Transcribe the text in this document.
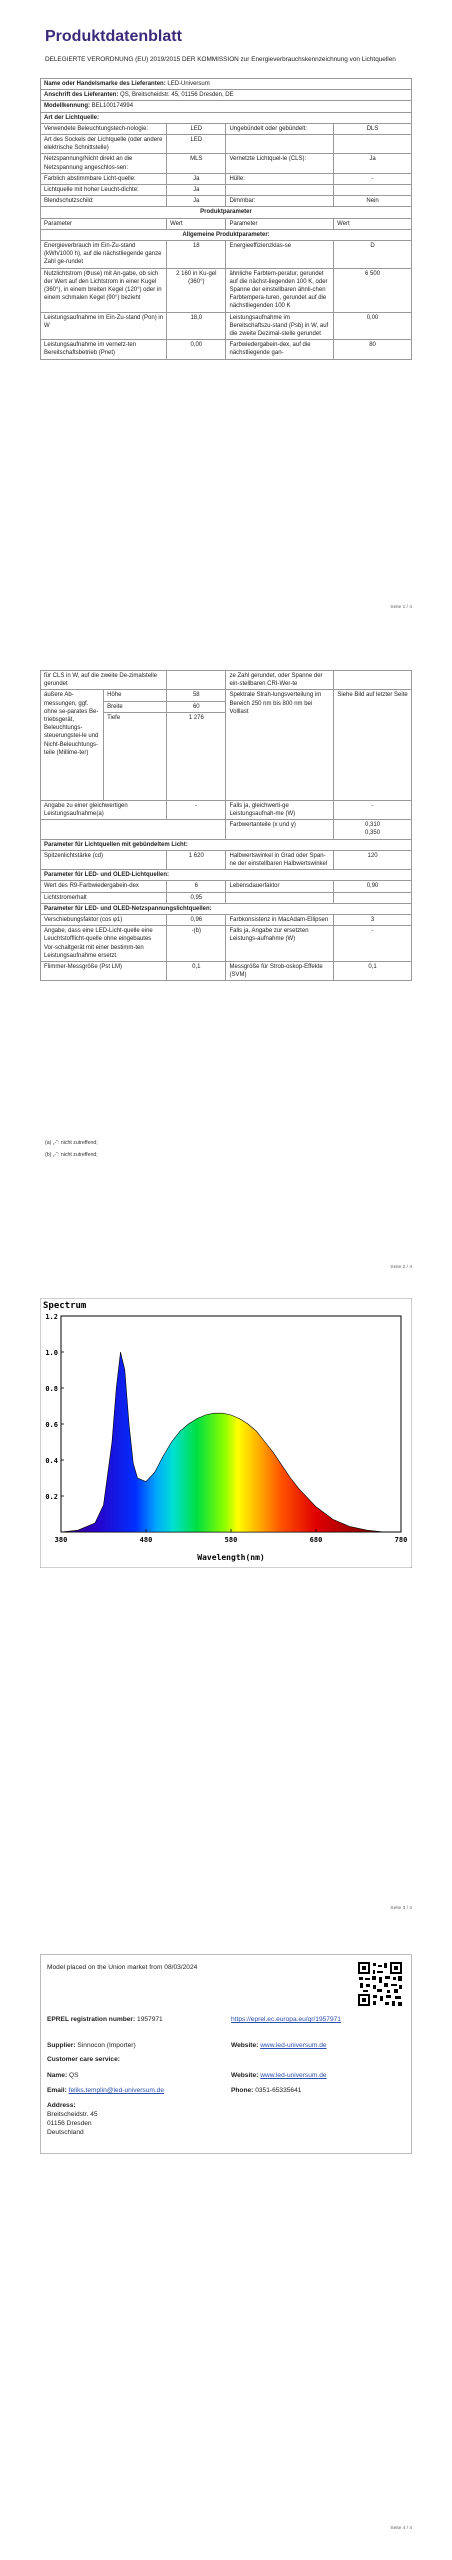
Produktdatenblatt
DELEGIERTE VERORDNUNG (EU) 2019/2015 DER KOMMISSION zur Energieverbrauchskennzeichnung von Lichtquellen
Name oder Handelsmarke des Lieferanten: LED-Universum			
Anschrift des Lieferanten: QS, Breitscheidstr. 45, 01156 Dresden, DE			
Modellkennung: BEL100174994			
Art der Lichtquelle:			
Verwendete Beleuchtungstech-nologie:	LED	Ungebündelt oder gebündelt:	DLS
Art des Sockels der Lichtquelle (oder andere elektrische Schnittstelle)	LED		
Netzspannung/Nicht direkt an die Netzspannung angeschlos-sen:	MLS	Vernetzte Lichtquel-le (CLS):	Ja
Farblich abstimmbare Licht-quelle:	Ja	Hülle:	-
Lichtquelle mit hoher Leucht-dichte:	Ja		
Blendschutzschild:	Ja	Dimmbar:	Nein
Produktparameter			
Parameter	Wert	Parameter	Wert
Allgemeine Produktparameter:			
Energieverbrauch im Ein-Zu-stand (kWh/1000 h), auf die nächstliegende ganze Zahl ge-rundet	18	Energieeffizienzklas-se	D
Nutzlichtstrom (Φuse) mit An-gabe, ob sich der Wert auf den Lichtstrom in einer Kugel (360°), in einem breiten Kegel (120°) oder in einem schmalen Kegel (90°) bezieht	2 160 in Ku-gel (360°)	ähnliche Farbtem-peratur, gerundet auf die nächst-liegenden 100 K, oder Spanne der einstellbaren ähnli-chen Farbtempera-turen, gerundet auf die nächstliegenden 100 K	6 500
Leistungsaufnahme im Ein-Zu-stand (Pon) in W	18,0	Leistungsaufnahme im Bereitschaftszu-stand (Psb) in W, auf die zweite Dezimal-stelle gerundet	0,00
Leistungsaufnahme im vernetz-ten Bereitschaftsbetrieb (Pnet)	0,00	Farbwiedergabein-dex, auf die nächstliegende gan-	80
Seite 1 / 4
für CLS in W, auf die zweite De-zimalstelle gerundet			ze Zahl gerundet, oder Spanne der ein-stellbaren CRI-Wer-te	
äußere Ab-messungen, ggf. ohne se-parates Be-triebsgerät, Beleuchtungs-steuerungstei-le und Nicht-Beleuchtungs-teile (Millime-ter)	Höhe	58	Spektrale Strah-lungsverteilung im Bereich 250 nm bis 800 nm bei Volllast	Siehe Bild auf letzter Seite
	Breite	60		
	Tiefe	1 276		
Angabe zu einer gleichwertigen Leistungsaufnahme(a)		-	Falls ja, gleichwerti-ge Leistungsaufnah-me (W)	-
			Farbwertanteile (x und y)	0,310
0,350
Parameter für Lichtquellen mit gebündeltem Licht:				
Spitzenlichtstärke (cd)		1 620	Halbwertswinkel in Grad oder Span-ne der einstellbaren Halbwertswinkel	120
Parameter für LED- und OLED-Lichtquellen:				
Wert des R9-Farbwiedergabein-dex		6	Lebensdauerfaktor	0,90
Lichtstromerhalt		0,95		
Parameter für LED- und OLED-Netzspannungslichtquellen:				
Verschiebungsfaktor (cos φ1)		0,96	Farbkonsistenz in MacAdam-Ellipsen	3
Angabe, dass eine LED-Licht-quelle eine Leuchtstofflicht-quelle ohne eingebautes Vor-schaltgerät mit einer bestimm-ten Leistungsaufnahme ersetzt.		-(b)	Falls ja, Angabe zur ersetzten Leistungs-aufnahme (W)	-
Flimmer-Messgröße (Pst LM)		0,1	Messgröße für Strob-oskop-Effekte (SVM)	0,1
(a) „-“: nicht zutreffend;
(b) „-“: nicht zutreffend;
Seite 2 / 4
Spectrum
0.2
0.4
0.6
0.8
1.0
1.2
380	480	580	680	780
Wavelength(nm)
Seite 3 / 4
Model placed on the Union market from 08/03/2024
EPREL registration number: 1957971	https://eprel.ec.europa.eu/qr/1957971
Supplier: Sinnocon (Importer)	Website: www.led-universum.de
Customer care service:
Name: QS	Website: www.led-universum.de
Email: feliks.templin@led-universum.de	Phone: 0351-65335641
Address:
Breitscheidstr. 45
01156 Dresden
Deutschland
Seite 4 / 4
